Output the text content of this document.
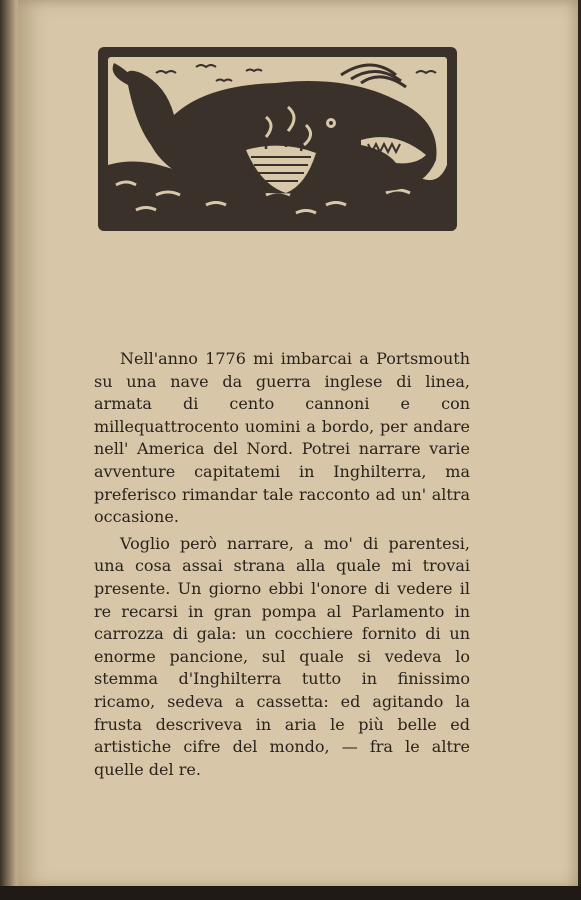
Nell'anno 1776 mi imbarcai a Portsmouth su una nave da guerra inglese di linea, armata di cento cannoni e con millequattrocento uomini a bordo, per andare nell' America del Nord. Potrei narrare varie avventure capitatemi in Inghilterra, ma preferisco rimandar tale racconto ad un' altra occasione.

Voglio però narrare, a mo' di parentesi, una cosa assai strana alla quale mi trovai presente. Un giorno ebbi l'onore di vedere il re recarsi in gran pompa al Parlamento in carrozza di gala: un cocchiere fornito di un enorme pancione, sul quale si vedeva lo stemma d'Inghilterra tutto in finissimo ricamo, sedeva a cassetta: ed agitando la frusta descriveva in aria le più belle ed artistiche cifre del mondo, — fra le altre quelle del re.
